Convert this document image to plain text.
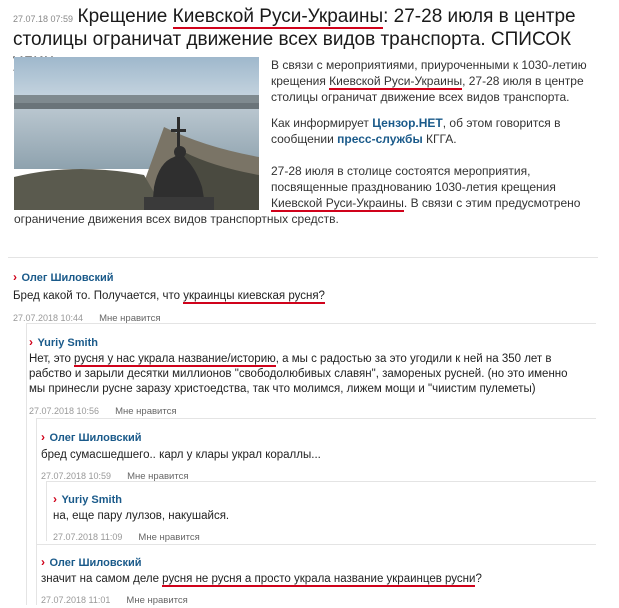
27.07.18 07:59 Крещение Киевской Руси-Украины: 27-28 июля в центре
столицы ограничат движение всех видов транспорта. СПИСОК
В связи с мероприятиями, приуроченными к 1030-летию
крещения Киевской Руси-Украины, 27-28 июля в центре
столицы ограничат движение всех видов транспорта.
Как информирует Цензор.НЕТ, об этом говорится в
сообщении пресс-службы КГГА.
27-28 июля в столице состоятся мероприятия,
посвященные празднованию 1030-летия крещения
Киевской Руси-Украины. В связи с этим предусмотрено
ограничение движения всех видов транспортных средств.
› Олег Шиловский
Бред какой то. Получается, что украинцы киевская русня?
27.07.2018 10:44 Мне нравится
› Yuriy Smith
Нет, это русня у нас украла название/историю, а мы с радостью за это угодили к ней на 350 лет в
рабство и зарыли десятки миллионов "свободолюбивых славян", замореных русней. (но это именно
мы принесли русне заразу христоедства, так что молимся, лижем мощи и "чиистим пулеметы)
27.07.2018 10:56 Мне нравится
› Олег Шиловский
бред сумасшедшего.. карл у клары украл кораллы...
27.07.2018 10:59 Мне нравится
› Yuriy Smith
на, еще пару лулзов, накушайся.
27.07.2018 11:09 Мне нравится
› Олег Шиловский
значит на самом деле русня не русня а просто украла название украинцев русни?
27.07.2018 11:01 Мне нравится
